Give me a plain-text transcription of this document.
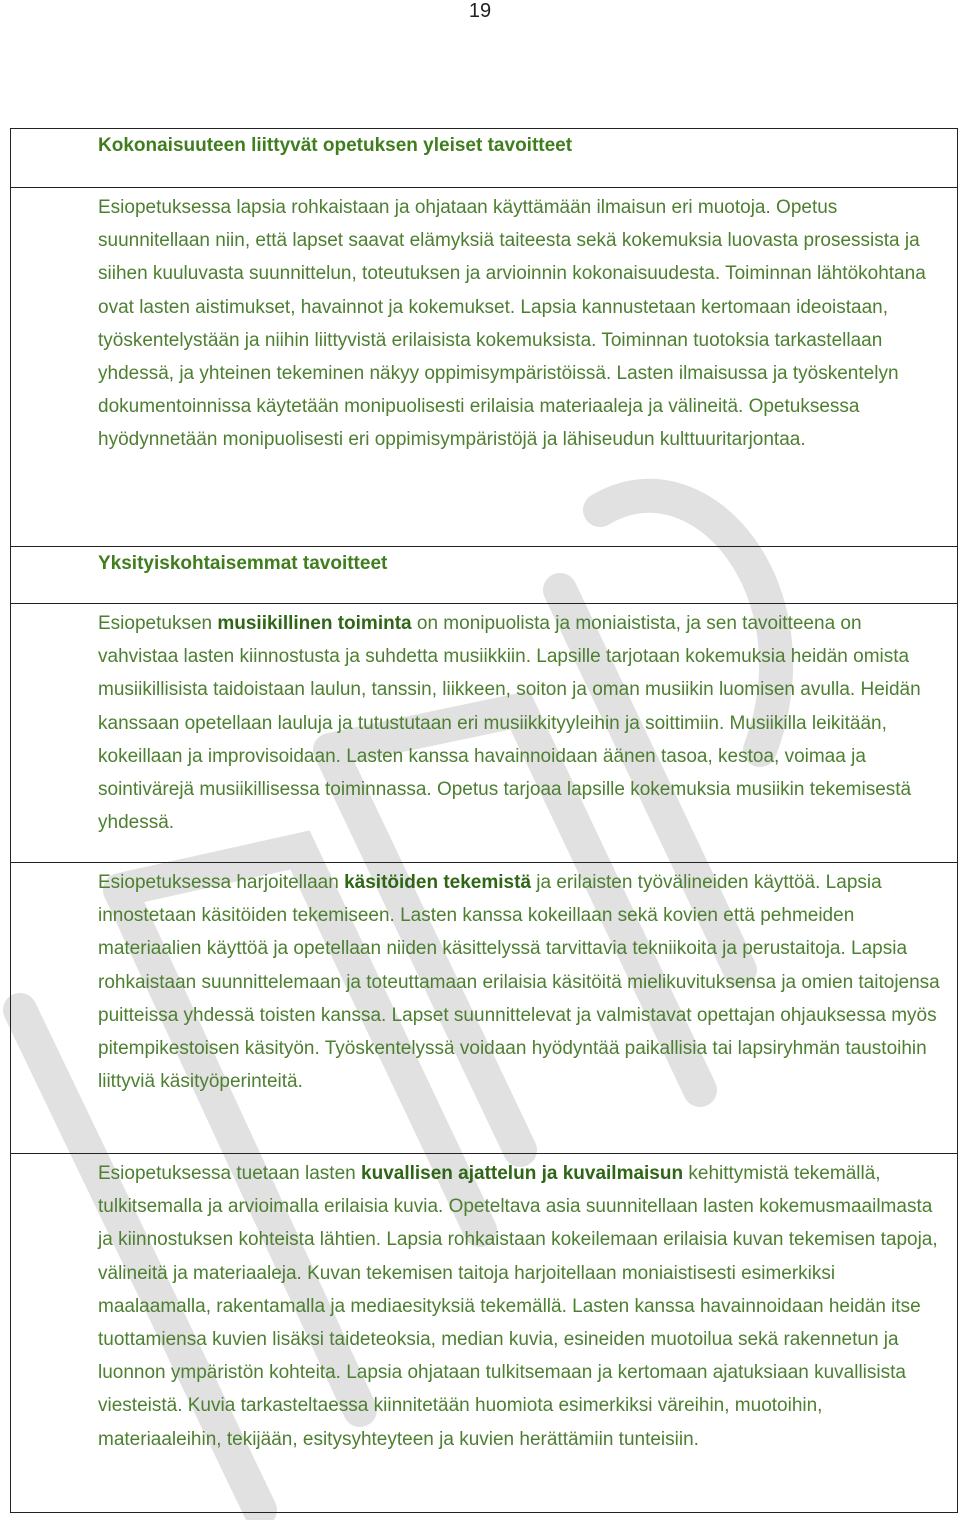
19
Kokonaisuuteen liittyvät opetuksen yleiset tavoitteet

Esiopetuksessa lapsia rohkaistaan ja ohjataan käyttämään ilmaisun eri muotoja. Opetus suunnitellaan niin, että lapset saavat elämyksiä taiteesta sekä kokemuksia luovasta prosessista ja siihen kuuluvasta suunnittelun, toteutuksen ja arvioinnin kokonaisuudesta. Toiminnan lähtökohtana ovat lasten aistimukset, havainnot ja kokemukset. Lapsia kannustetaan kertomaan ideoistaan, työskentelystään ja niihin liittyvistä erilaisista kokemuksista. Toiminnan tuotoksia tarkastellaan yhdessä, ja yhteinen tekeminen näkyy oppimisympäristöissä. Lasten ilmaisussa ja työskentelyn dokumentoinnissa käytetään monipuolisesti erilaisia materiaaleja ja välineitä. Opetuksessa hyödynnetään monipuolisesti eri oppimisympäristöjä ja lähiseudun kulttuuritarjontaa.

Yksityiskohtaisemmat tavoitteet

Esiopetuksen musiikillinen toiminta on monipuolista ja moniaistista, ja sen tavoitteena on vahvistaa lasten kiinnostusta ja suhdetta musiikkiin. Lapsille tarjotaan kokemuksia heidän omista musiikillisista taidoistaan laulun, tanssin, liikkeen, soiton ja oman musiikin luomisen avulla. Heidän kanssaan opetellaan lauluja ja tutustutaan eri musiikkityyleihin ja soittimiin. Musiikilla leikitään, kokeillaan ja improvisoidaan. Lasten kanssa havainnoidaan äänen tasoa, kestoa, voimaa ja sointivärejä musiikillisessa toiminnassa. Opetus tarjoaa lapsille kokemuksia musiikin tekemisestä yhdessä.

Esiopetuksessa harjoitellaan käsitöiden tekemistä ja erilaisten työvälineiden käyttöä. Lapsia innostetaan käsitöiden tekemiseen. Lasten kanssa kokeillaan sekä kovien että pehmeiden materiaalien käyttöä ja opetellaan niiden käsittelyssä tarvittavia tekniikoita ja perustaitoja. Lapsia rohkaistaan suunnittelemaan ja toteuttamaan erilaisia käsitöitä mielikuvituksensa ja omien taitojensa puitteissa yhdessä toisten kanssa. Lapset suunnittelevat ja valmistavat opettajan ohjauksessa myös pitempikestoisen käsityön. Työskentelyssä voidaan hyödyntää paikallisia tai lapsiryhmän taustoihin liittyviä käsityöperinteitä.

Esiopetuksessa tuetaan lasten kuvallisen ajattelun ja kuvailmaisun kehittymistä tekemällä, tulkitsemalla ja arvioimalla erilaisia kuvia. Opeteltava asia suunnitellaan lasten kokemusmaailmasta ja kiinnostuksen kohteista lähtien. Lapsia rohkaistaan kokeilemaan erilaisia kuvan tekemisen tapoja, välineitä ja materiaaleja. Kuvan tekemisen taitoja harjoitellaan moniaistisesti esimerkiksi maalaamalla, rakentamalla ja mediaesityksiä tekemällä. Lasten kanssa havainnoidaan heidän itse tuottamiensa kuvien lisäksi taideteoksia, median kuvia, esineiden muotoilua sekä rakennetun ja luonnon ympäristön kohteita. Lapsia ohjataan tulkitsemaan ja kertomaan ajatuksiaan kuvallisista viesteistä. Kuvia tarkasteltaessa kiinnitetään huomiota esimerkiksi väreihin, muotoihin, materiaaleihin, tekijään, esitysyhteyteen ja kuvien herättämiin tunteisiin.
